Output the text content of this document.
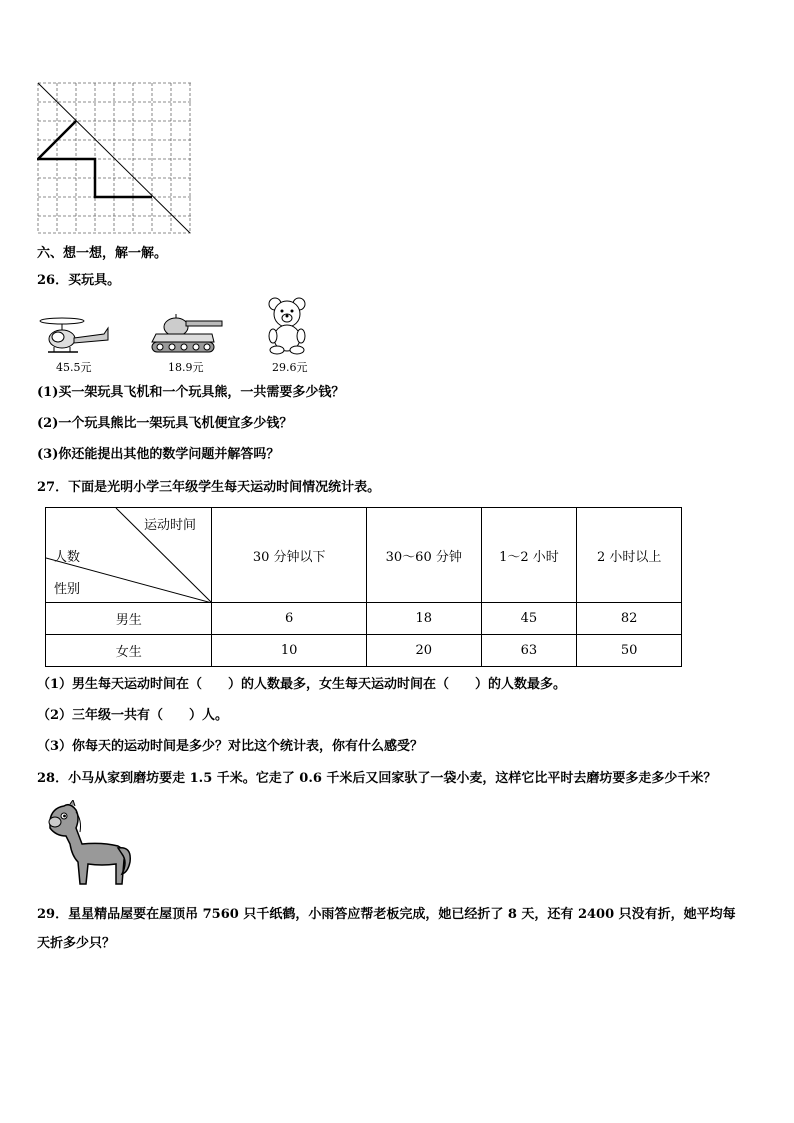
六、想一想，解一解。
26．买玩具。
45.5元	18.9元	29.6元
(1)买一架玩具飞机和一个玩具熊，一共需要多少钱？
(2)一个玩具熊比一架玩具飞机便宜多少钱？
(3)你还能提出其他的数学问题并解答吗？
27．下面是光明小学三年级学生每天运动时间情况统计表。
运动时间
人数
性别	30 分钟以下	30～60 分钟	1～2 小时	2 小时以上
男生	6	18	45	82
女生	10	20	63	50
（1）男生每天运动时间在（　　）的人数最多，女生每天运动时间在（　　）的人数最多。
（2）三年级一共有（　　）人。
（3）你每天的运动时间是多少？对比这个统计表，你有什么感受？
28．小马从家到磨坊要走 1.5 千米。它走了 0.6 千米后又回家驮了一袋小麦，这样它比平时去磨坊要多走多少千米？
29．星星精品屋要在屋顶吊 7560 只千纸鹤，小雨答应帮老板完成，她已经折了 8 天，还有 2400 只没有折，她平均每
天折多少只？
